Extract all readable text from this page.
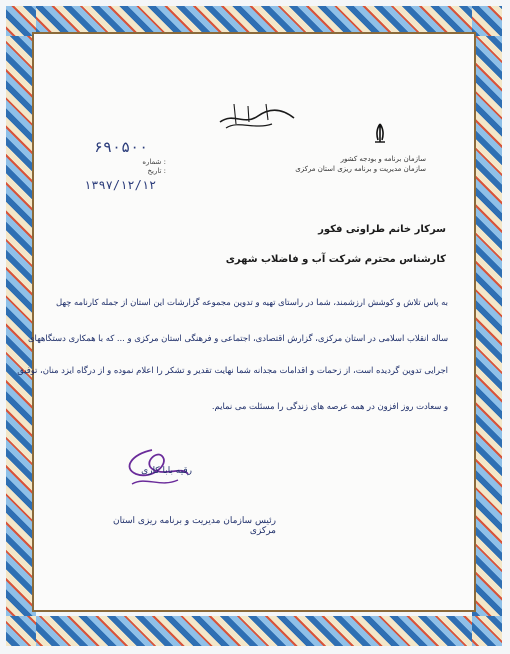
سازمان برنامه و بودجه کشور
سازمان مدیریت و برنامه ریزی استان مرکزی
۶۹۰۵۰۰
: شماره
: تاریخ
۱۳۹۷/۱۲/۱۲
سرکار خانم طراوتی فکور
کارشناس محترم شرکت آب و فاضلاب شهری
به پاس تلاش و کوشش ارزشمند، شما در راستای تهیه و تدوین مجموعه گزارشات این استان از جمله کارنامه چهل
ساله انقلاب اسلامی در استان مرکزی، گزارش اقتصادی، اجتماعی و فرهنگی استان مرکزی و ... که با همکاری دستگاههای
اجرایی تدوین گردیده است، از زحمات و اقدامات مجدانه شما نهایت تقدیر و تشکر را اعلام نموده و از درگاه ایزد منان، توفیق
و سعادت روز افزون در همه عرصه های زندگی را مسئلت می نمایم.
رقیه بابا کاری
رئیس سازمان مدیریت و برنامه ریزی استان مرکزی
